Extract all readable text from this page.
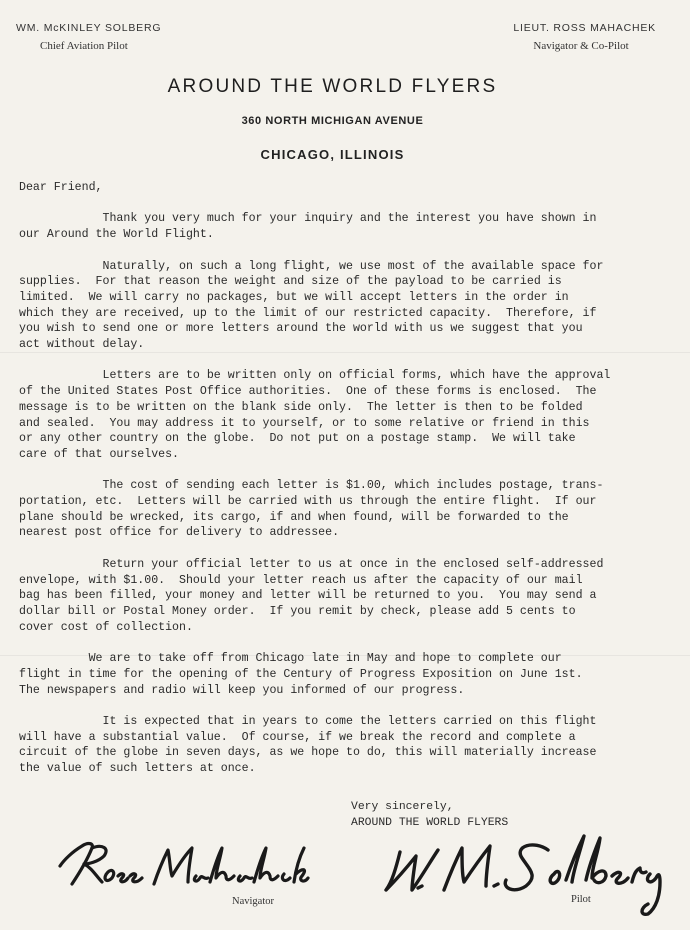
WM. McKINLEY SOLBERG
Chief Aviation Pilot
LIEUT. ROSS MAHACHEK
Navigator & Co-Pilot
AROUND THE WORLD FLYERS
360 NORTH MICHIGAN AVENUE
CHICAGO, ILLINOIS
Dear Friend,

Thank you very much for your inquiry and the interest you have shown in
our Around the World Flight.

Naturally, on such a long flight, we use most of the available space for
supplies.  For that reason the weight and size of the payload to be carried is
limited.  We will carry no packages, but we will accept letters in the order in
which they are received, up to the limit of our restricted capacity.  Therefore, if
you wish to send one or more letters around the world with us we suggest that you
act without delay.

Letters are to be written only on official forms, which have the approval
of the United States Post Office authorities.  One of these forms is enclosed.  The
message is to be written on the blank side only.  The letter is then to be folded
and sealed.  You may address it to yourself, or to some relative or friend in this
or any other country on the globe.  Do not put on a postage stamp.  We will take
care of that ourselves.

The cost of sending each letter is $1.00, which includes postage, trans-
portation, etc.  Letters will be carried with us through the entire flight.  If our
plane should be wrecked, its cargo, if and when found, will be forwarded to the
nearest post office for delivery to addressee.

Return your official letter to us at once in the enclosed self-addressed
envelope, with $1.00.  Should your letter reach us after the capacity of our mail
bag has been filled, your money and letter will be returned to you.  You may send a
dollar bill or Postal Money order.  If you remit by check, please add 5 cents to
cover cost of collection.

We are to take off from Chicago late in May and hope to complete our
flight in time for the opening of the Century of Progress Exposition on June 1st.
The newspapers and radio will keep you informed of our progress.

It is expected that in years to come the letters carried on this flight
will have a substantial value.  Of course, if we break the record and complete a
circuit of the globe in seven days, as we hope to do, this will materially increase
the value of such letters at once.
Very sincerely,
AROUND THE WORLD FLYERS
Navigator	Pilot
